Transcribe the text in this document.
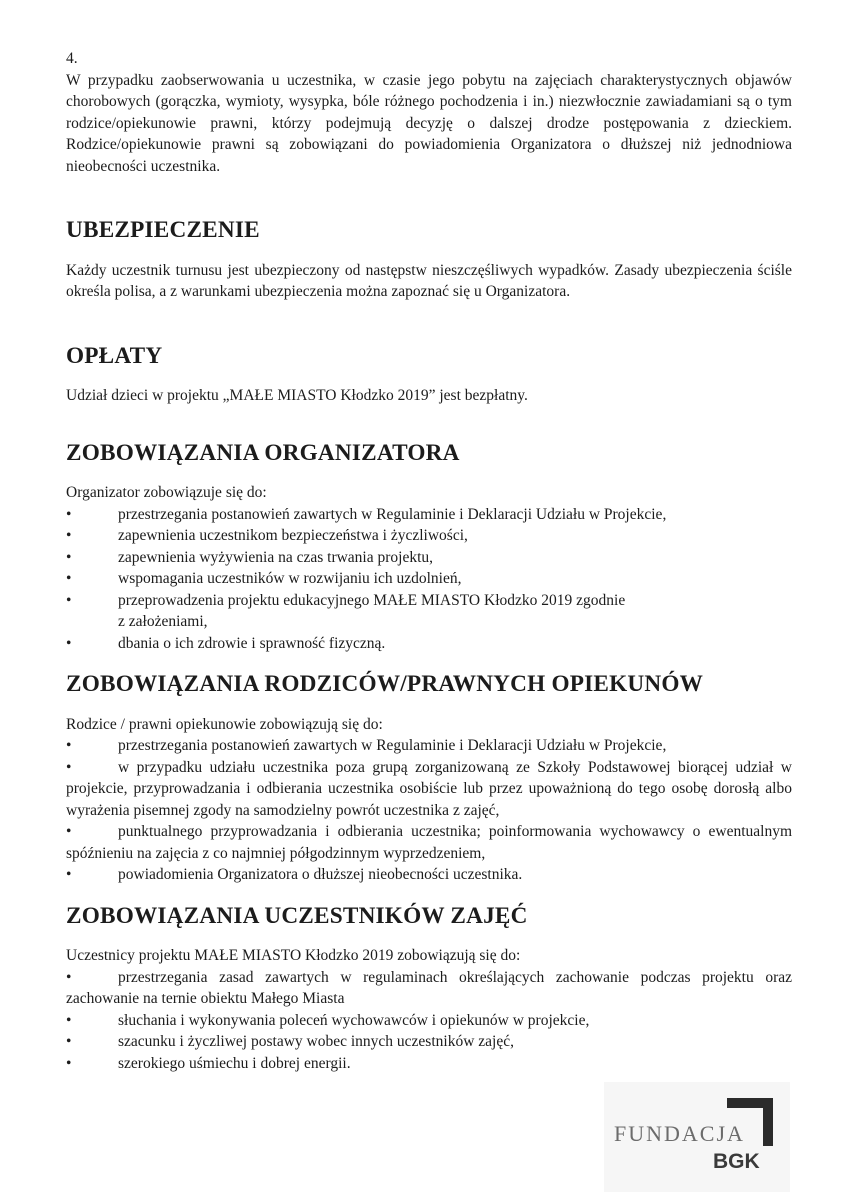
4.

W przypadku zaobserwowania u uczestnika, w czasie jego pobytu na zajęciach charakterystycznych objawów chorobowych (gorączka, wymioty, wysypka, bóle różnego pochodzenia i in.) niezwłocznie zawiadamiani są o tym rodzice/opiekunowie prawni, którzy podejmują decyzję o dalszej drodze postępowania z dzieckiem. Rodzice/opiekunowie prawni są zobowiązani do powiadomienia Organizatora o dłuższej niż jednodniowa nieobecności uczestnika.

UBEZPIECZENIE

Każdy uczestnik turnusu jest ubezpieczony od następstw nieszczęśliwych wypadków. Zasady ubezpieczenia ściśle określa polisa, a z warunkami ubezpieczenia można zapoznać się u Organizatora.

OPŁATY

Udział dzieci w projektu „MAŁE MIASTO Kłodzko 2019” jest bezpłatny.

ZOBOWIĄZANIA ORGANIZATORA

Organizator zobowiązuje się do:

•	przestrzegania postanowień zawartych w Regulaminie i Deklaracji Udziału w Projekcie,
•	zapewnienia uczestnikom bezpieczeństwa i życzliwości,
•	zapewnienia wyżywienia na czas trwania projektu,
•	wspomagania uczestników w rozwijaniu ich uzdolnień,
•	przeprowadzenia projektu edukacyjnego MAŁE MIASTO Kłodzko 2019 zgodnie
z założeniami,
•	dbania o ich zdrowie i sprawność fizyczną.
ZOBOWIĄZANIA RODZICÓW/PRAWNYCH OPIEKUNÓW

Rodzice / prawni opiekunowie zobowiązują się do:

•	przestrzegania postanowień zawartych w Regulaminie i Deklaracji Udziału w Projekcie,
•	w przypadku udziału uczestnika poza grupą zorganizowaną ze Szkoły Podstawowej biorącej udział w projekcie, przyprowadzania i odbierania uczestnika osobiście lub przez upoważnioną do tego osobę dorosłą albo wyrażenia pisemnej zgody na samodzielny powrót uczestnika z zajęć,
•	punktualnego przyprowadzania i odbierania uczestnika; poinformowania wychowawcy o ewentualnym spóźnieniu na zajęcia z co najmniej półgodzinnym wyprzedzeniem,
•	powiadomienia Organizatora o dłuższej nieobecności uczestnika.
ZOBOWIĄZANIA UCZESTNIKÓW ZAJĘĆ

Uczestnicy projektu MAŁE MIASTO Kłodzko 2019 zobowiązują się do:

•	przestrzegania zasad zawartych w regulaminach określających zachowanie podczas projektu oraz zachowanie na ternie obiektu Małego Miasta
•	słuchania i wykonywania poleceń wychowawców i opiekunów w projekcie,
•	szacunku i życzliwej postawy wobec innych uczestników zajęć,
•	szerokiego uśmiechu i dobrej energii.
FUNDACJA
BGK
